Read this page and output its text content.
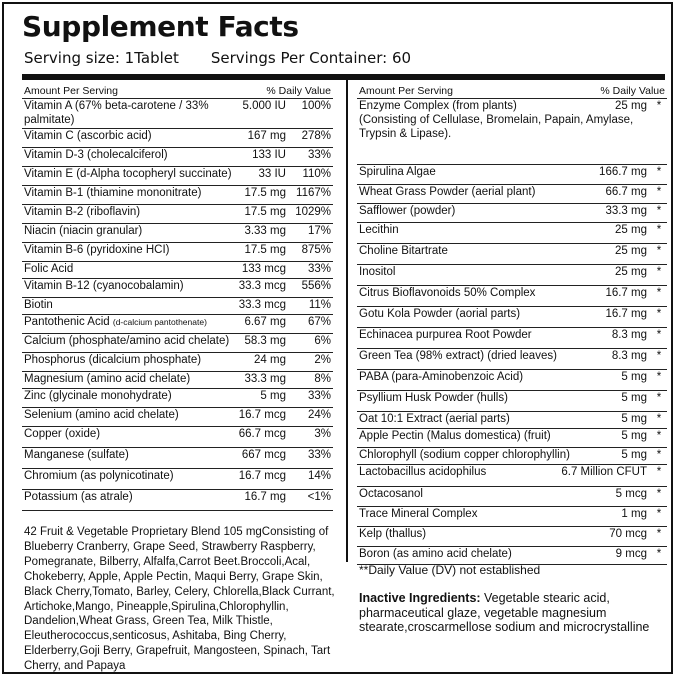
Supplement Facts
Serving size: 1Tablet Servings Per Container: 60
Amount Per Serving	% Daily Value	
Vitamin A (67% beta-carotene / 33% palmitate)	5.000 IU	100%
Vitamin C (ascorbic acid)	167 mg	278%
Vitamin D-3 (cholecalciferol)	133 IU	33%
Vitamin E (d-Alpha tocopheryl succinate)	33 IU	110%
Vitamin B-1 (thiamine mononitrate)	17.5 mg	1167%
Vitamin B-2 (riboflavin)	17.5 mg	1029%
Niacin (niacin granular)	3.33 mg	17%
Vitamin B-6 (pyridoxine HCI)	17.5 mg	875%
Folic Acid	133 mcg	33%
Vitamin B-12 (cyanocobalamin)	33.3 mcg	556%
Biotin	33.3 mcg	11%
Pantothenic Acid (d-calcium pantothenate)	6.67 mg	67%
Calcium (phosphate/amino acid chelate)	58.3 mg	6%
Phosphorus (dicalcium phosphate)	24 mg	2%
Magnesium (amino acid chelate)	33.3 mg	8%
Zinc (glycinale monohydrate)	5 mg	33%
Selenium (amino acid chelate)	16.7 mcg	24%
Copper (oxide)	66.7 mcg	3%
Manganese (sulfate)	667 mcg	33%
Chromium (as polynicotinate)	16.7 mcg	14%
Potassium (as atrale)	16.7 mg	<1%
Amount Per Serving	% Daily Value	

Enzyme Complex (from plants)
(Consisting of Cellulase, Bromelain, Papain, Amylase, Trypsin & Lipase).	25 mg	*

Spirulina Algae	166.7 mg	*

Wheat Grass Powder (aerial plant)	66.7 mg	*

Safflower (powder)	33.3 mg	*

Lecithin	25 mg	*

Choline Bitartrate	25 mg	*

Inositol	25 mg	*

Citrus Bioflavonoids 50% Complex	16.7 mg	*

Gotu Kola Powder (aorial parts)	16.7 mg	*

Echinacea purpurea Root Powder	8.3 mg	*

Green Tea (98% extract) (dried leaves)	8.3 mg	*

PABA (para-Aminobenzoic Acid)	5 mg	*

Psyllium Husk Powder (hulls)	5 mg	*

Oat 10:1 Extract (aerial parts)	5 mg	*

Apple Pectin (Malus domestica) (fruit)	5 mg	*

Chlorophyll (sodium copper chlorophyllin)	5 mg	*

Lactobacillus acidophilus	6.7 Million CFUT	*

Octacosanol	5 mcg	*

Trace Mineral Complex	1 mg	*

Kelp (thallus)	70 mcg	*

Boron (as amino acid chelate)	9 mcg	*

42 Fruit & Vegetable Proprietary Blend 105 mgConsisting of Blueberry Cranberry, Grape Seed, Strawberry Raspberry, Pomegranate, Bilberry, Alfalfa,Carrot Beet.Broccoli,Acal, Chokeberry, Apple, Apple Pectin, Maqui Berry, Grape Skin, Black Cherry,Tomato, Barley, Celery, Chlorella,Black Currant, Artichoke,Mango, Pineapple,Spirulina,Chlorophyllin, Dandelion,Wheat Grass, Green Tea, Milk Thistle, Eleutherococcus,senticosus, Ashitaba, Bing Cherry, Elderberry,Goji Berry, Grapefruit, Mangosteen, Spinach, Tart Cherry, and Papaya

**Daily Value (DV) not established

Inactive Ingredients: Vegetable stearic acid, pharmaceutical glaze, vegetable magnesium stearate,croscarmellose sodium and microcrystalline
